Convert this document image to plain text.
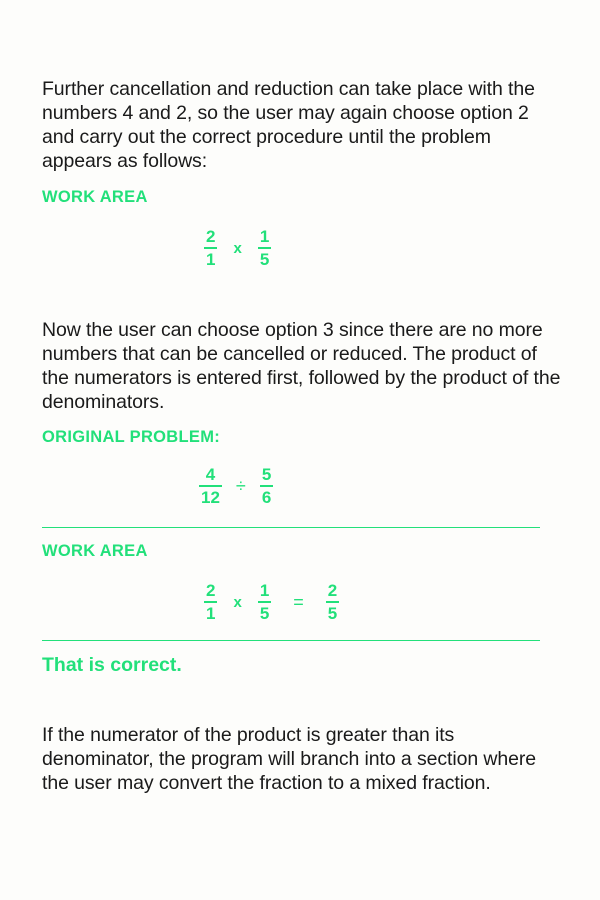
Further cancellation and reduction can take place with the numbers 4 and 2, so the user may again choose option 2 and carry out the correct procedure until the problem appears as follows:

WORK AREA

$\frac{2}{1}$ x $\frac{1}{5}$

Now the user can choose option 3 since there are no more numbers that can be cancelled or reduced. The product of the numerators is entered first, followed by the product of the denominators.

ORIGINAL PROBLEM:

$\frac{4}{12} \div \frac{5}{6}$

WORK AREA

$\frac{2}{1}$ x $\frac{1}{5} = \frac{2}{5}$

That is correct.

If the numerator of the product is greater than its denominator, the program will branch into a section where the user may convert the fraction to a mixed fraction.
